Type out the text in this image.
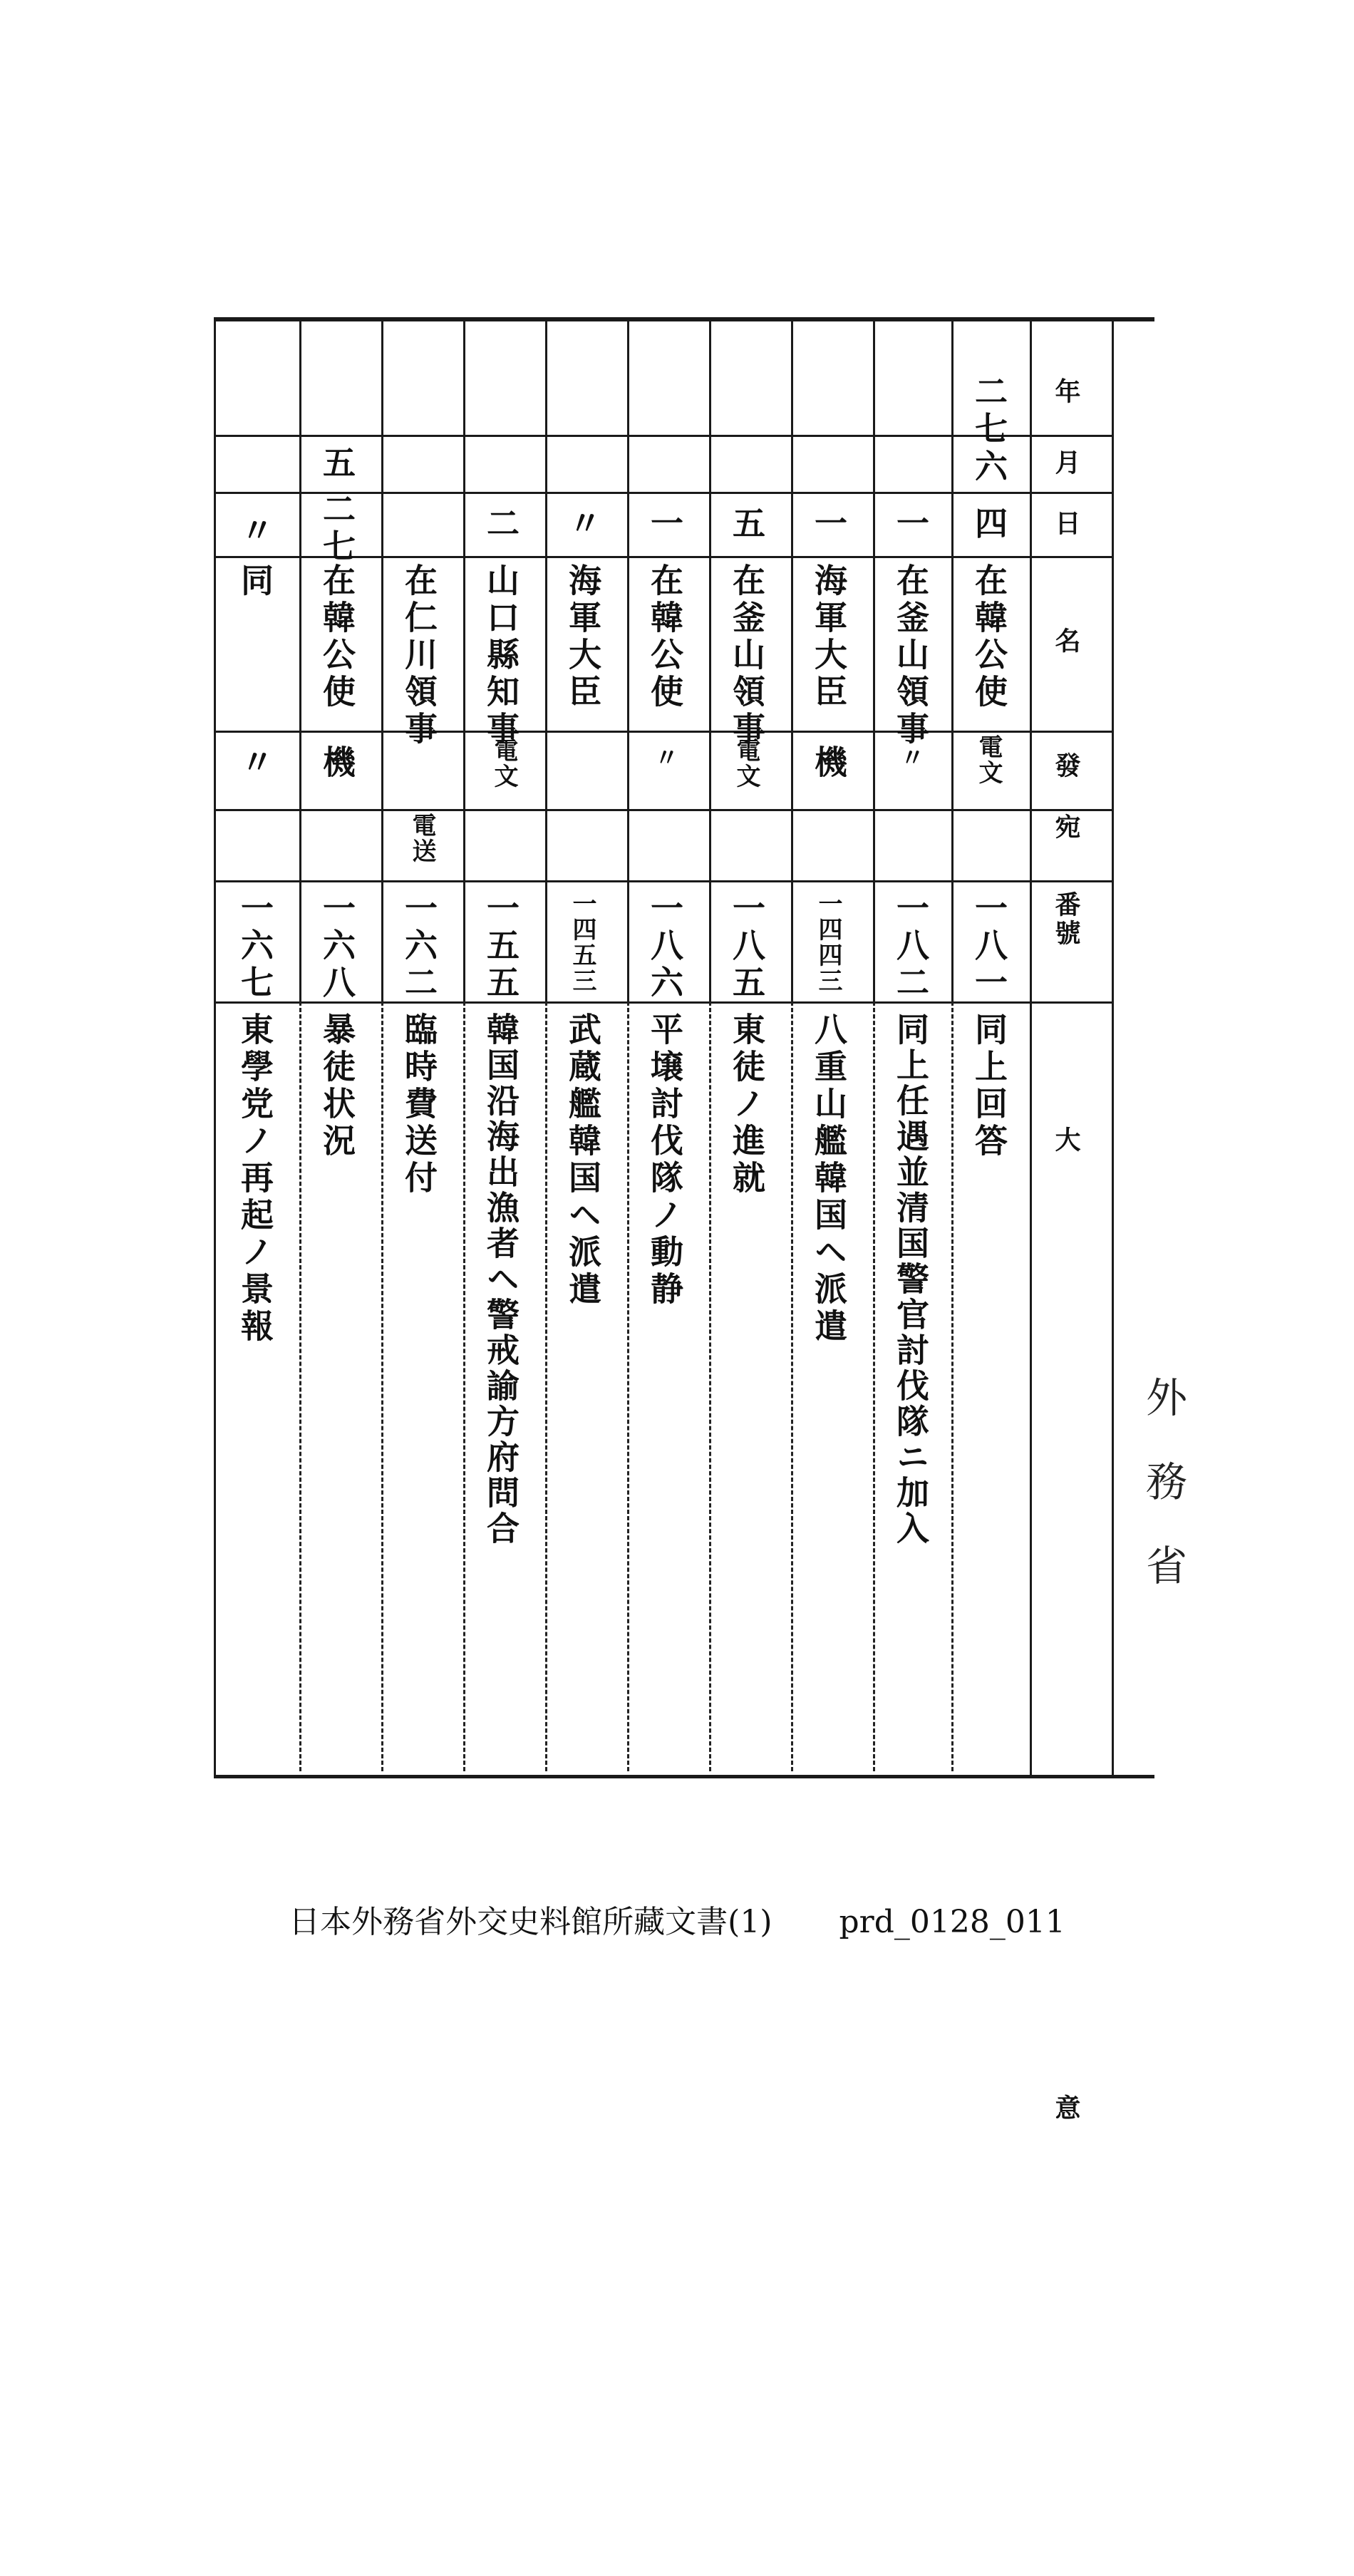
年
月
日
名
發 宛
番號
大 意 外務省
二七
六
四
在韓公使
電文
一八一
同上回答
一
在釜山領事
〃
一八二
同上任遇並清国警官討伐隊ニ加入
一
海軍大臣
機
一四四三
八重山艦韓国ヘ派遣
五
在釜山領事
電文
一八五
東徒ノ進就
一
在韓公使
〃
一八六
平壌討伐隊ノ動静
〃
海軍大臣
一四五三
武蔵艦韓国ヘ派遣
二
山口縣知事
電文
一五五
韓国沿海出漁者ヘ警戒諭方府問合
在仁川領事
電送
一六二
臨時費送付
五
二七
在韓公使
機
一六八
暴徒状況
〃
同
〃
一六七
東學党ノ再起ノ景報
日本外務省外交史料館所藏文書(1) prd_0128_011
